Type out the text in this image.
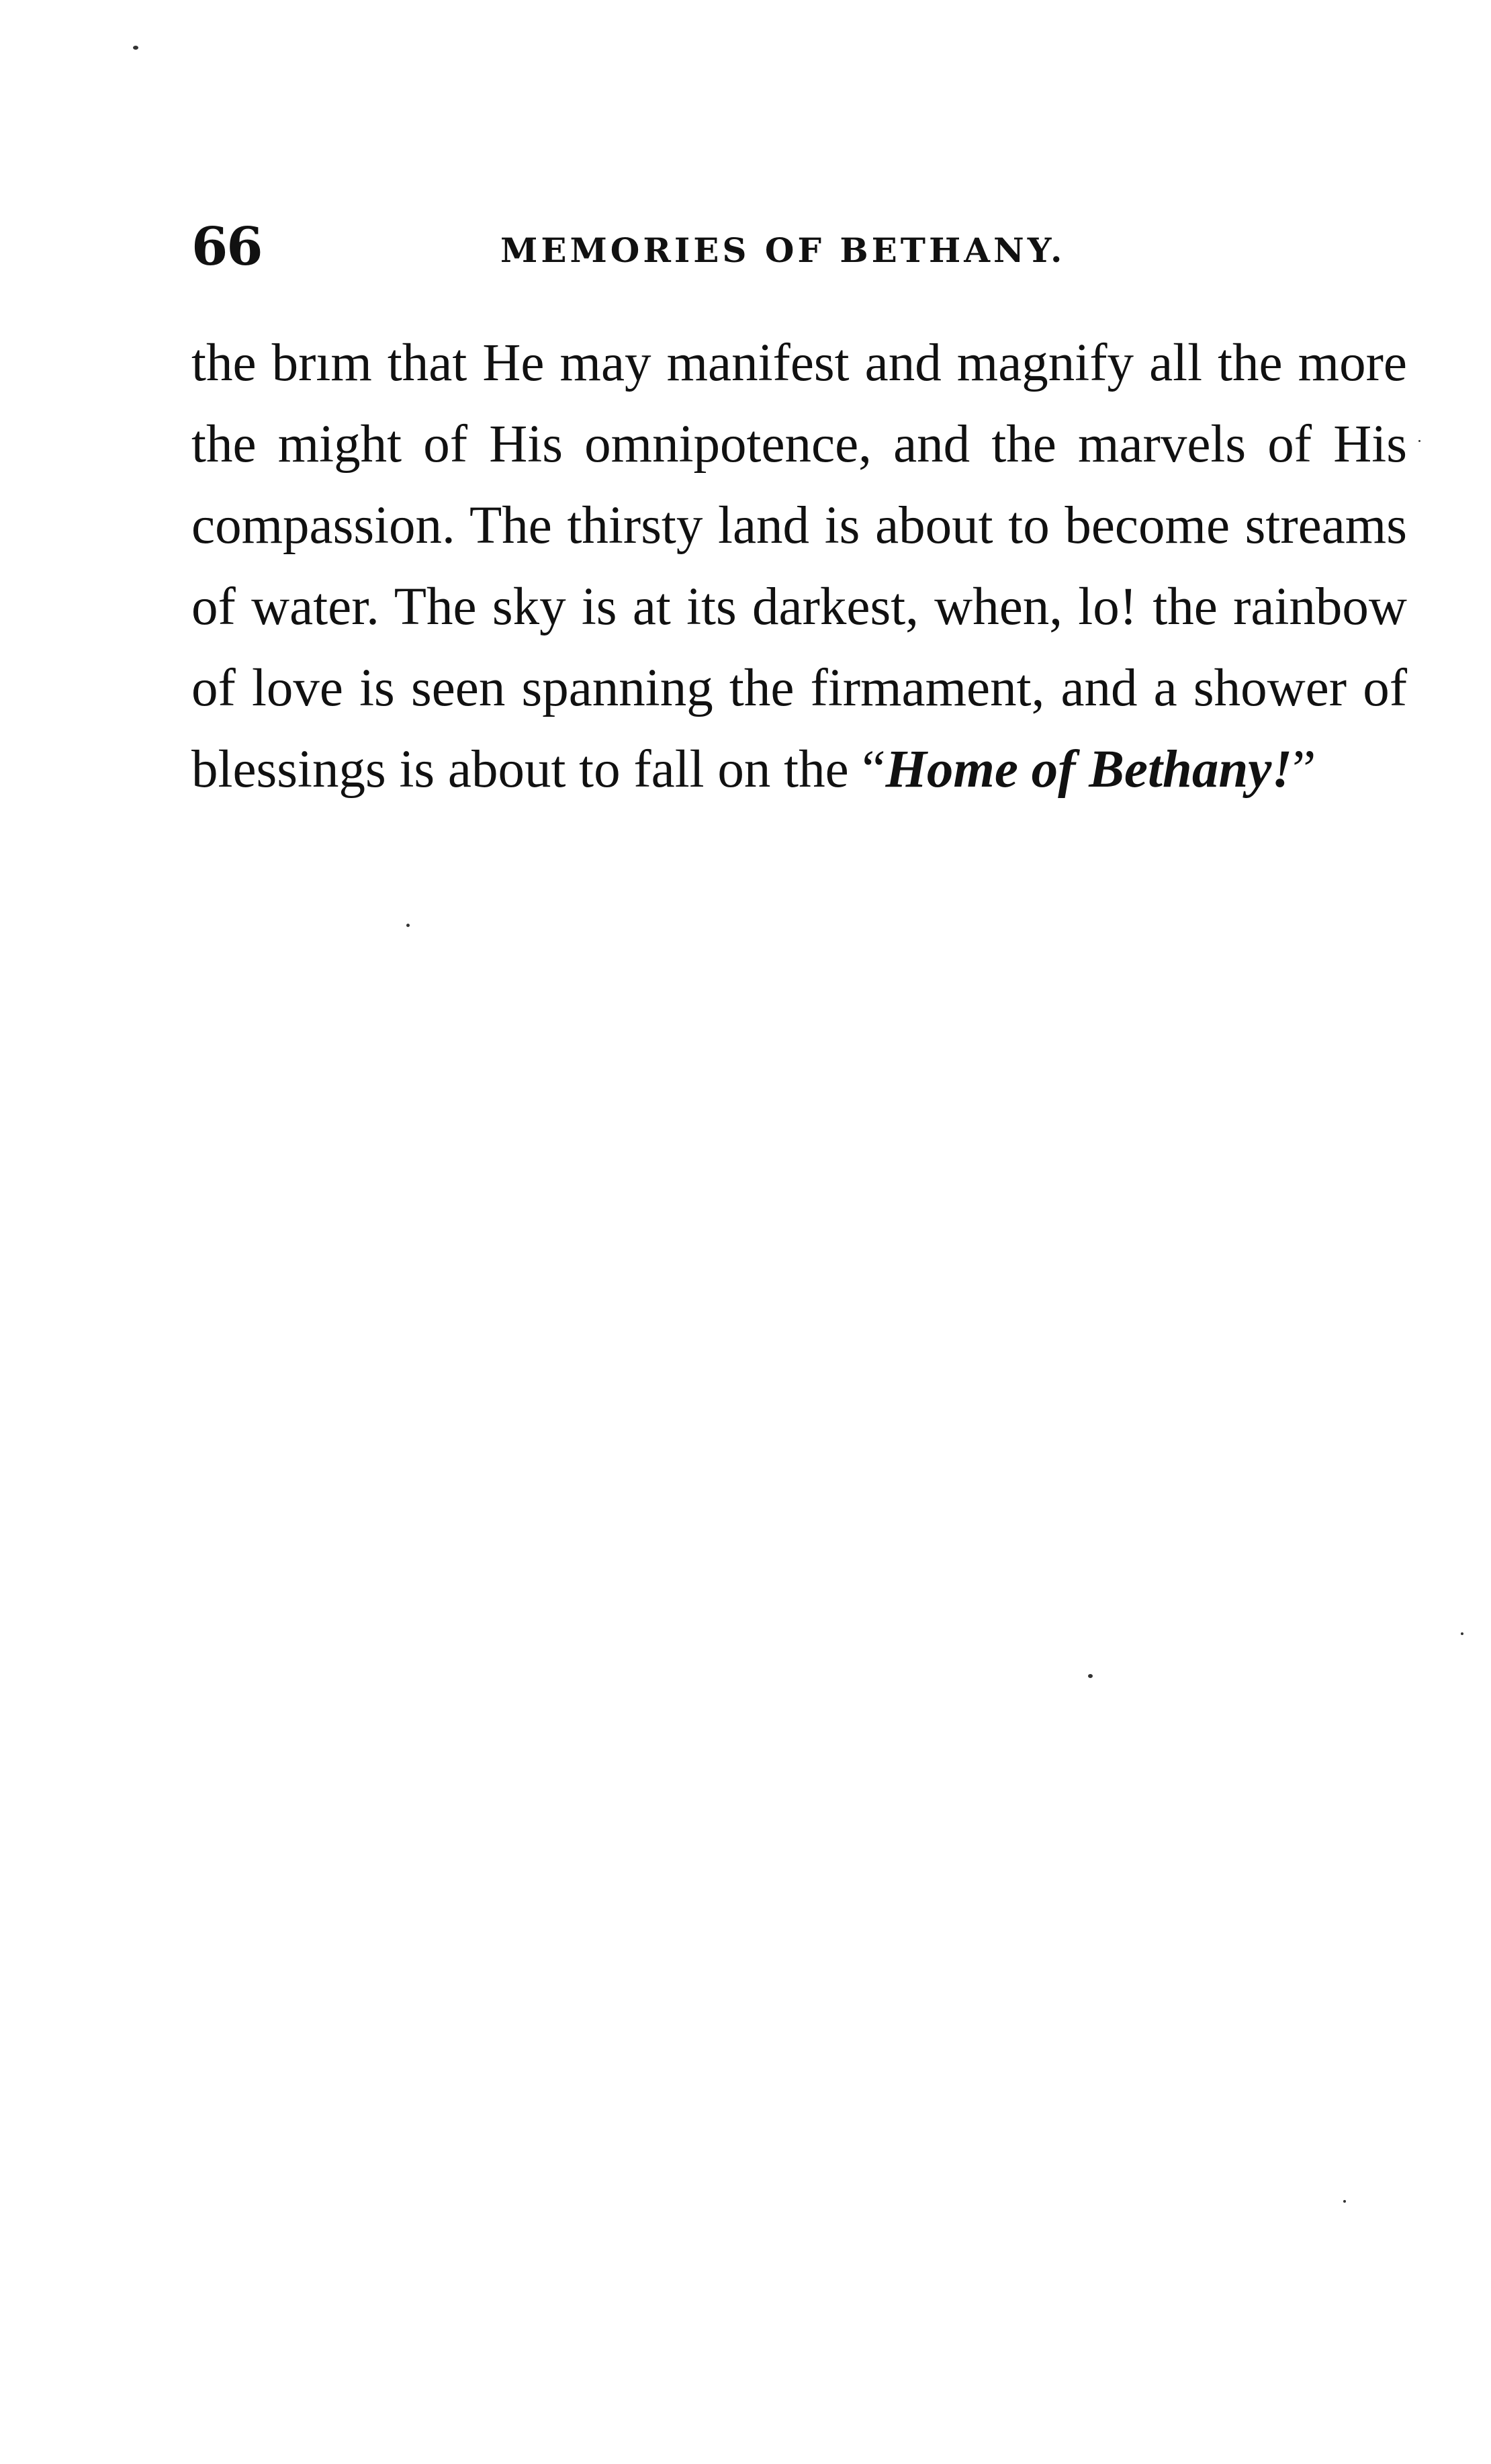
66	MEMORIES OF BETHANY.

the brım that He may manifest and magnify all the more the might of His omnipotence, and the marvels of His compassion. The thirsty land is about to become streams of water. The sky is at its darkest, when, lo! the rainbow of love is seen spanning the firmament, and a shower of blessings is about to fall on the “Home of Bethany!”
